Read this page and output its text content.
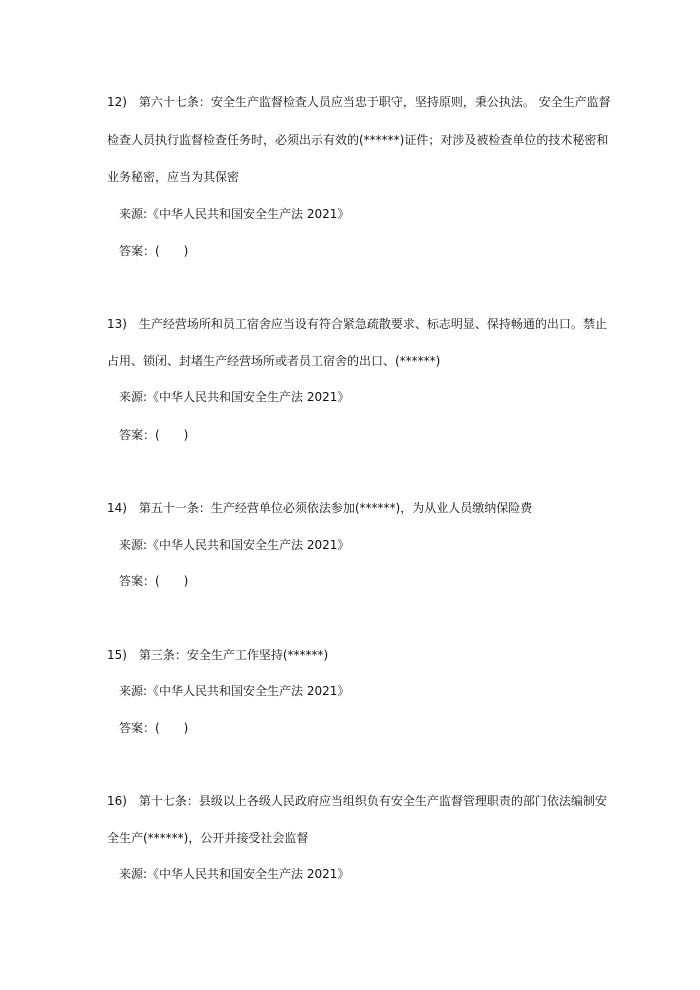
12) 第六十七条：安全生产监督检查人员应当忠于职守，坚持原则，秉公执法。 安全生产监督
检查人员执行监督检查任务时，必须出示有效的(******)证件；对涉及被检查单位的技术秘密和
业务秘密，应当为其保密
来源:《中华人民共和国安全生产法 2021》
答案：(　　)
13) 生产经营场所和员工宿舍应当设有符合紧急疏散要求、标志明显、保持畅通的出口。禁止
占用、锁闭、封堵生产经营场所或者员工宿舍的出口、(******)
来源:《中华人民共和国安全生产法 2021》
答案：(　　)
14) 第五十一条：生产经营单位必须依法参加(******)，为从业人员缴纳保险费
来源:《中华人民共和国安全生产法 2021》
答案：(　　)
15) 第三条：安全生产工作坚持(******)
来源:《中华人民共和国安全生产法 2021》
答案：(　　)
16) 第十七条：县级以上各级人民政府应当组织负有安全生产监督管理职责的部门依法编制安
全生产(******)，公开并接受社会监督
来源:《中华人民共和国安全生产法 2021》
